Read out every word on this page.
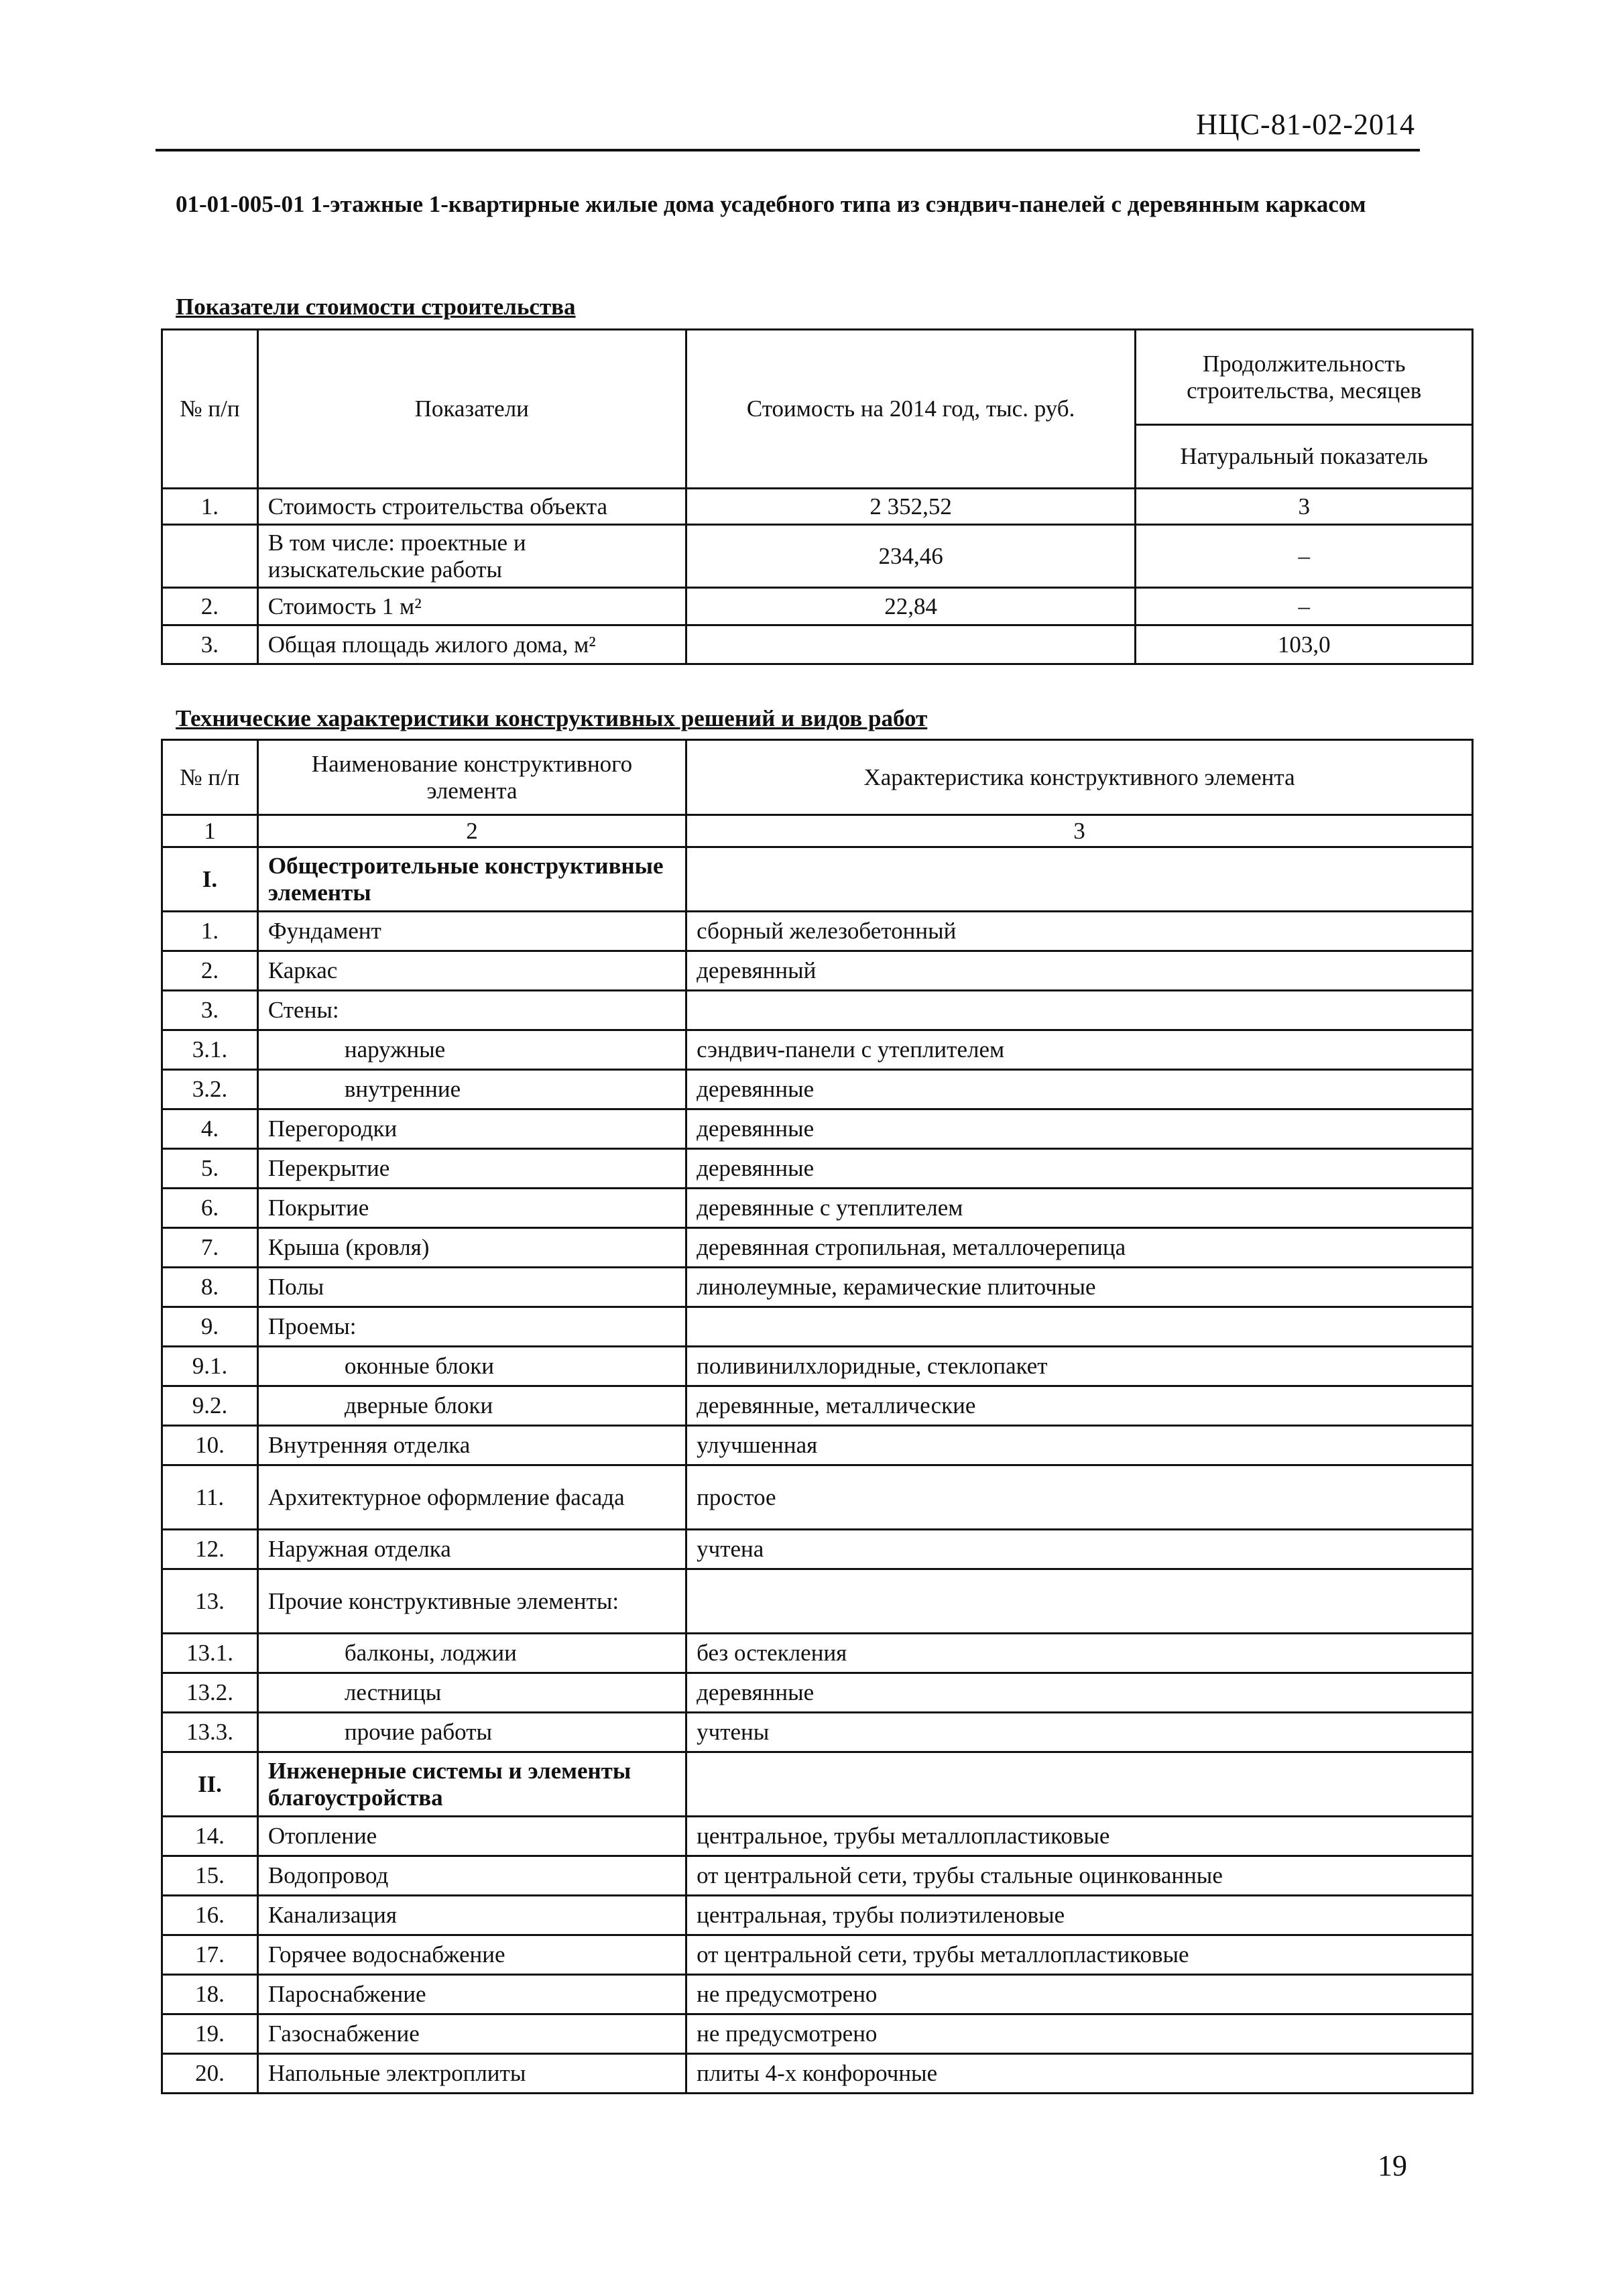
НЦС-81-02-2014
01-01-005-01 1-этажные 1-квартирные жилые дома усадебного типа из сэндвич-панелей с деревянным каркасом
Показатели стоимости строительства
№ п/п	Показатели	Стоимость на 2014 год, тыс. руб.	Продолжительность строительства, месяцев
			Натуральный показатель
1.	Стоимость строительства объекта	2 352,52	3
	В том числе: проектные и изыскательские работы	234,46	–
2.	Стоимость 1 м²	22,84	–
3.	Общая площадь жилого дома, м²		103,0
Технические характеристики конструктивных решений и видов работ
№ п/п	Наименование конструктивного элемента	Характеристика конструктивного элемента
1	2	3
I.	Общестроительные конструктивные элементы	
1.	Фундамент	сборный железобетонный
2.	Каркас	деревянный
3.	Стены:	
3.1.	наружные	сэндвич-панели с утеплителем
3.2.	внутренние	деревянные
4.	Перегородки	деревянные
5.	Перекрытие	деревянные
6.	Покрытие	деревянные с утеплителем
7.	Крыша (кровля)	деревянная стропильная, металлочерепица
8.	Полы	линолеумные, керамические плиточные
9.	Проемы:	
9.1.	оконные блоки	поливинилхлоридные, стеклопакет
9.2.	дверные блоки	деревянные, металлические
10.	Внутренняя отделка	улучшенная
11.	Архитектурное оформление фасада	простое
12.	Наружная отделка	учтена
13.	Прочие конструктивные элементы:	
13.1.	балконы, лоджии	без остекления
13.2.	лестницы	деревянные
13.3.	прочие работы	учтены
II.	Инженерные системы и элементы благоустройства	
14.	Отопление	центральное, трубы металлопластиковые
15.	Водопровод	от центральной сети, трубы стальные оцинкованные
16.	Канализация	центральная, трубы полиэтиленовые
17.	Горячее водоснабжение	от центральной сети, трубы металлопластиковые
18.	Пароснабжение	не предусмотрено
19.	Газоснабжение	не предусмотрено
20.	Напольные электроплиты	плиты 4-х конфорочные
19
